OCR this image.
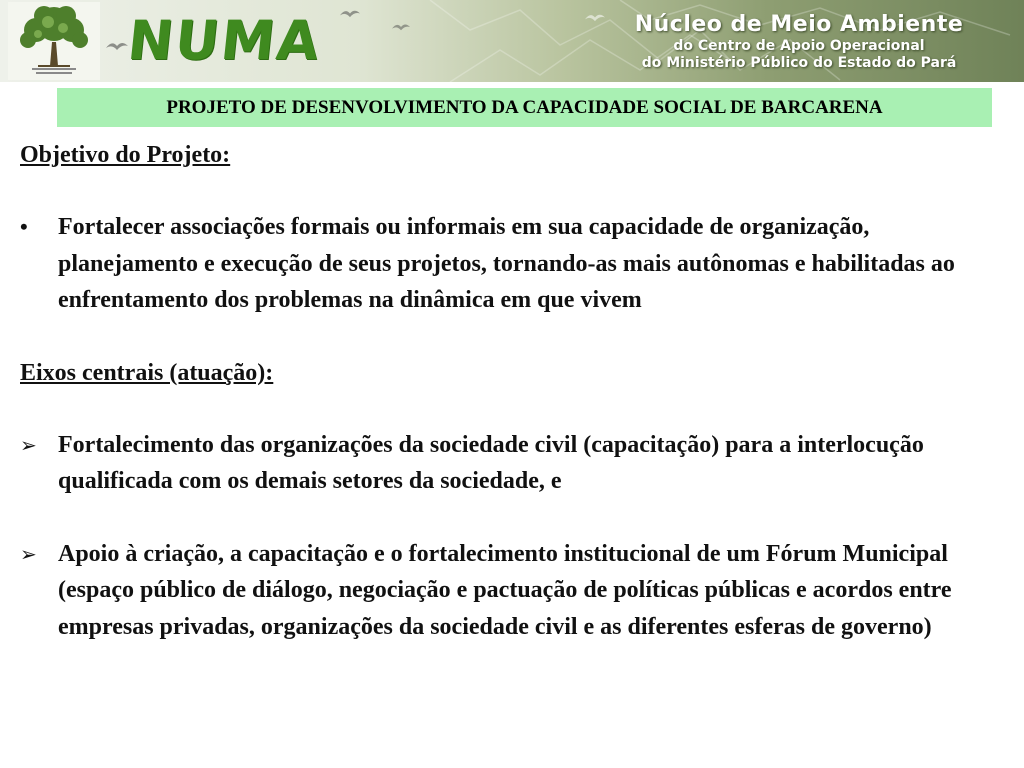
NUMA	Núcleo de Meio Ambiente
do Centro de Apoio Operacional
do Ministério Público do Estado do Pará
PROJETO DE DESENVOLVIMENTO DA CAPACIDADE SOCIAL DE BARCARENA

Objetivo do Projeto:

•	Fortalecer associações formais ou informais em sua capacidade de organização, planejamento e execução de seus projetos, tornando-as mais autônomas e habilitadas ao enfrentamento dos problemas na dinâmica em que vivem

Eixos centrais (atuação):

➢ Fortalecimento das organizações da sociedade civil (capacitação) para a interlocução qualificada com os demais setores da sociedade, e

➢ Apoio à criação, a capacitação e o fortalecimento institucional de um Fórum Municipal (espaço público de diálogo, negociação e pactuação de políticas públicas e acordos entre empresas privadas, organizações da sociedade civil e as diferentes esferas de governo)
